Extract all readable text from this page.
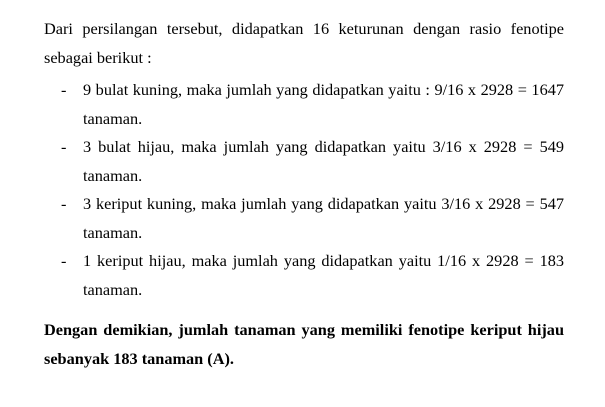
Dari persilangan tersebut, didapatkan 16 keturunan dengan rasio fenotipe sebagai berikut :

- 9 bulat kuning, maka jumlah yang didapatkan yaitu : 9/16 x 2928 = 1647 tanaman.
- 3 bulat hijau, maka jumlah yang didapatkan yaitu 3/16 x 2928 = 549 tanaman.
- 3 keriput kuning, maka jumlah yang didapatkan yaitu 3/16 x 2928 = 547 tanaman.
- 1 keriput hijau, maka jumlah yang didapatkan yaitu 1/16 x 2928 = 183 tanaman.

Dengan demikian, jumlah tanaman yang memiliki fenotipe keriput hijau sebanyak 183 tanaman (A).
